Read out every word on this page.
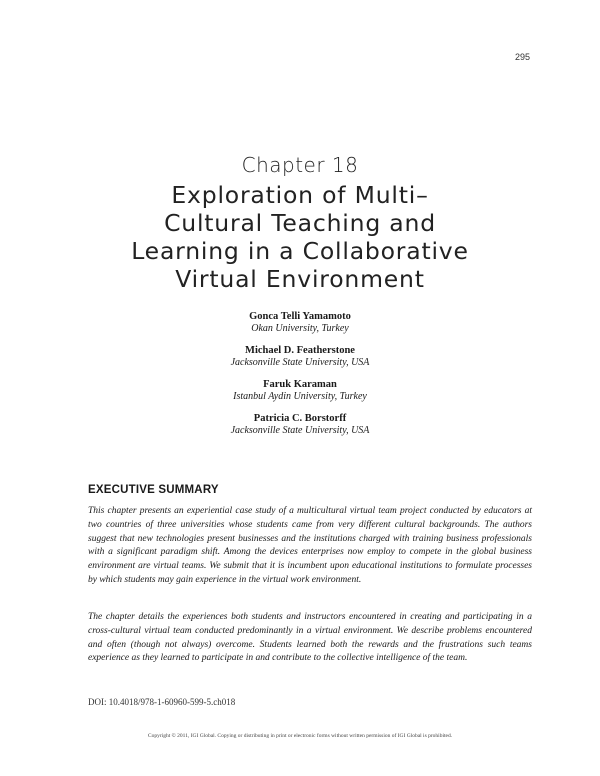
295
Chapter 18
Exploration of Multi–
Cultural Teaching and
Learning in a Collaborative
Virtual Environment
Gonca Telli Yamamoto
Okan University, Turkey
Michael D. Featherstone
Jacksonville State University, USA
Faruk Karaman
Istanbul Aydin University, Turkey
Patricia C. Borstorff
Jacksonville State University, USA
EXECUTIVE SUMMARY

This chapter presents an experiential case study of a multicultural virtual team project conducted by educators at two countries of three universities whose students came from very different cultural backgrounds. The authors suggest that new technologies present businesses and the institutions charged with training business professionals with a significant paradigm shift. Among the devices enterprises now employ to compete in the global business environment are virtual teams. We submit that it is incumbent upon educational institutions to formulate processes by which students may gain experience in the virtual work environment.

The chapter details the experiences both students and instructors encountered in creating and participating in a cross-cultural virtual team conducted predominantly in a virtual environment. We describe problems encountered and often (though not always) overcome. Students learned both the rewards and the frustrations such teams experience as they learned to participate in and contribute to the collective intelligence of the team.

DOI: 10.4018/978-1-60960-599-5.ch018
Copyright © 2011, IGI Global. Copying or distributing in print or electronic forms without written permission of IGI Global is prohibited.
